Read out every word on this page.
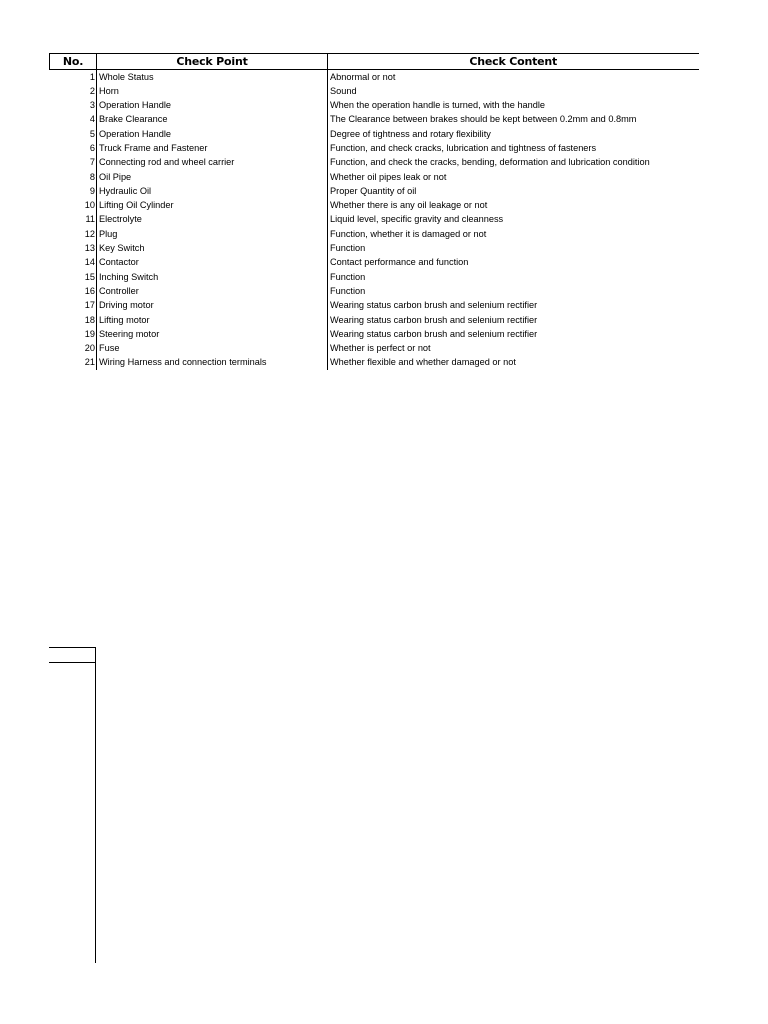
No.	Check Point	Check Content
1	Whole Status	Abnormal or not
2	Horn	Sound
3	Operation Handle	When the operation handle is turned, with the handle
4	Brake Clearance	The Clearance between brakes should be kept between 0.2mm and 0.8mm
5	Operation Handle	Degree of tightness and rotary flexibility
6	Truck Frame and Fastener	Function, and check cracks, lubrication and tightness of fasteners
7	Connecting rod and wheel carrier	Function, and check the cracks, bending, deformation and lubrication condition
8	Oil Pipe	Whether oil pipes leak or not
9	Hydraulic Oil	Proper Quantity of oil
10	Lifting Oil Cylinder	Whether there is any oil leakage or not
11	Electrolyte	Liquid level, specific gravity and cleanness
12	Plug	Function, whether it is damaged or not
13	Key Switch	Function
14	Contactor	Contact performance and function
15	Inching Switch	Function
16	Controller	Function
17	Driving motor	Wearing status carbon brush and selenium rectifier
18	Lifting motor	Wearing status carbon brush and selenium rectifier
19	Steering motor	Wearing status carbon brush and selenium rectifier
20	Fuse	Whether is perfect or not
21	Wiring Harness and connection terminals	Whether flexible and whether damaged or not
